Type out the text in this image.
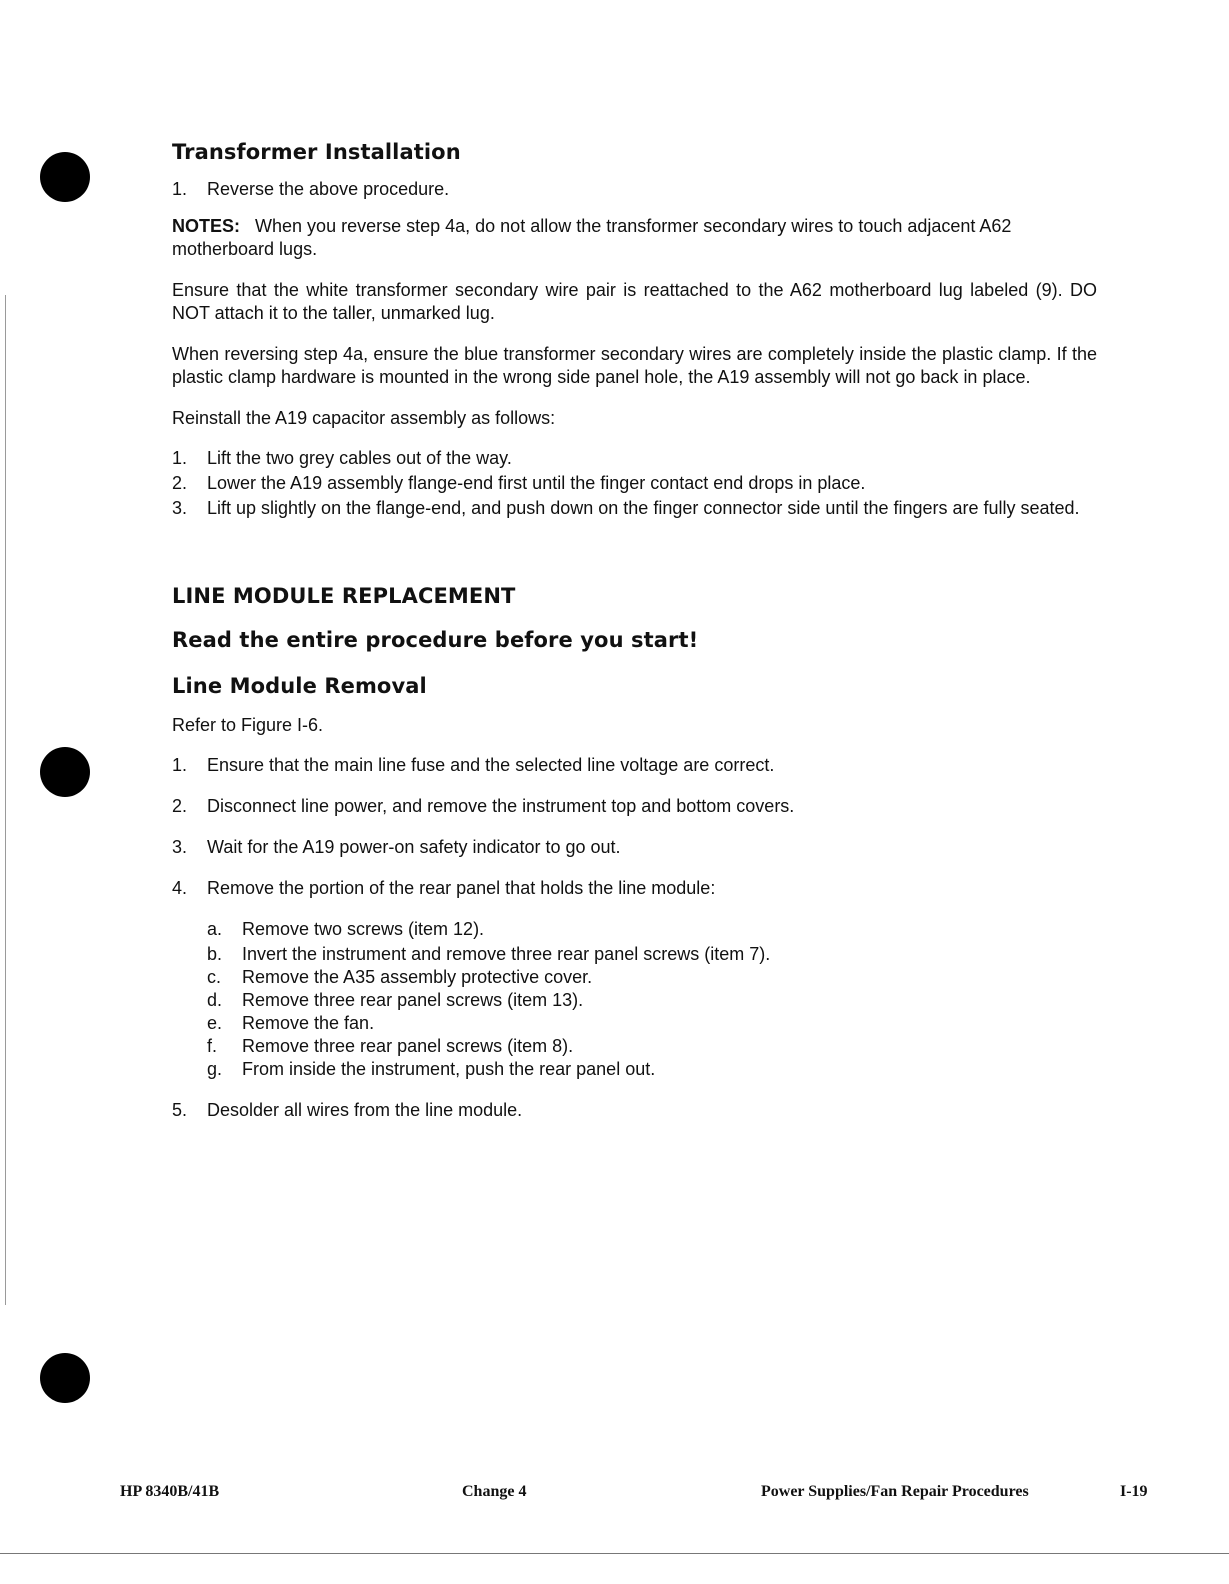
Transformer Installation
1.	Reverse the above procedure.

NOTES: When you reverse step 4a, do not allow the transformer secondary wires to touch adjacent A62 motherboard lugs.

Ensure that the white transformer secondary wire pair is reattached to the A62 motherboard lug labeled (9). DO NOT attach it to the taller, unmarked lug.

When reversing step 4a, ensure the blue transformer secondary wires are completely inside the plastic clamp. If the plastic clamp hardware is mounted in the wrong side panel hole, the A19 assembly will not go back in place.

Reinstall the A19 capacitor assembly as follows:

1.	Lift the two grey cables out of the way.
2.	Lower the A19 assembly flange-end first until the finger contact end drops in place.
3.	Lift up slightly on the flange-end, and push down on the finger connector side until the fingers are fully seated.
LINE MODULE REPLACEMENT
Read the entire procedure before you start!
Line Module Removal

Refer to Figure I-6.

1.	Ensure that the main line fuse and the selected line voltage are correct.
2.	Disconnect line power, and remove the instrument top and bottom covers.
3.	Wait for the A19 power-on safety indicator to go out.
4.	Remove the portion of the rear panel that holds the line module:
a.	Remove two screws (item 12).
b.	Invert the instrument and remove three rear panel screws (item 7).
c.	Remove the A35 assembly protective cover.
d.	Remove three rear panel screws (item 13).
e.	Remove the fan.
f.	Remove three rear panel screws (item 8).
g.	From inside the instrument, push the rear panel out.
5.	Desolder all wires from the line module.
HP 8340B/41B	Change 4	Power Supplies/Fan Repair Procedures	I-19
